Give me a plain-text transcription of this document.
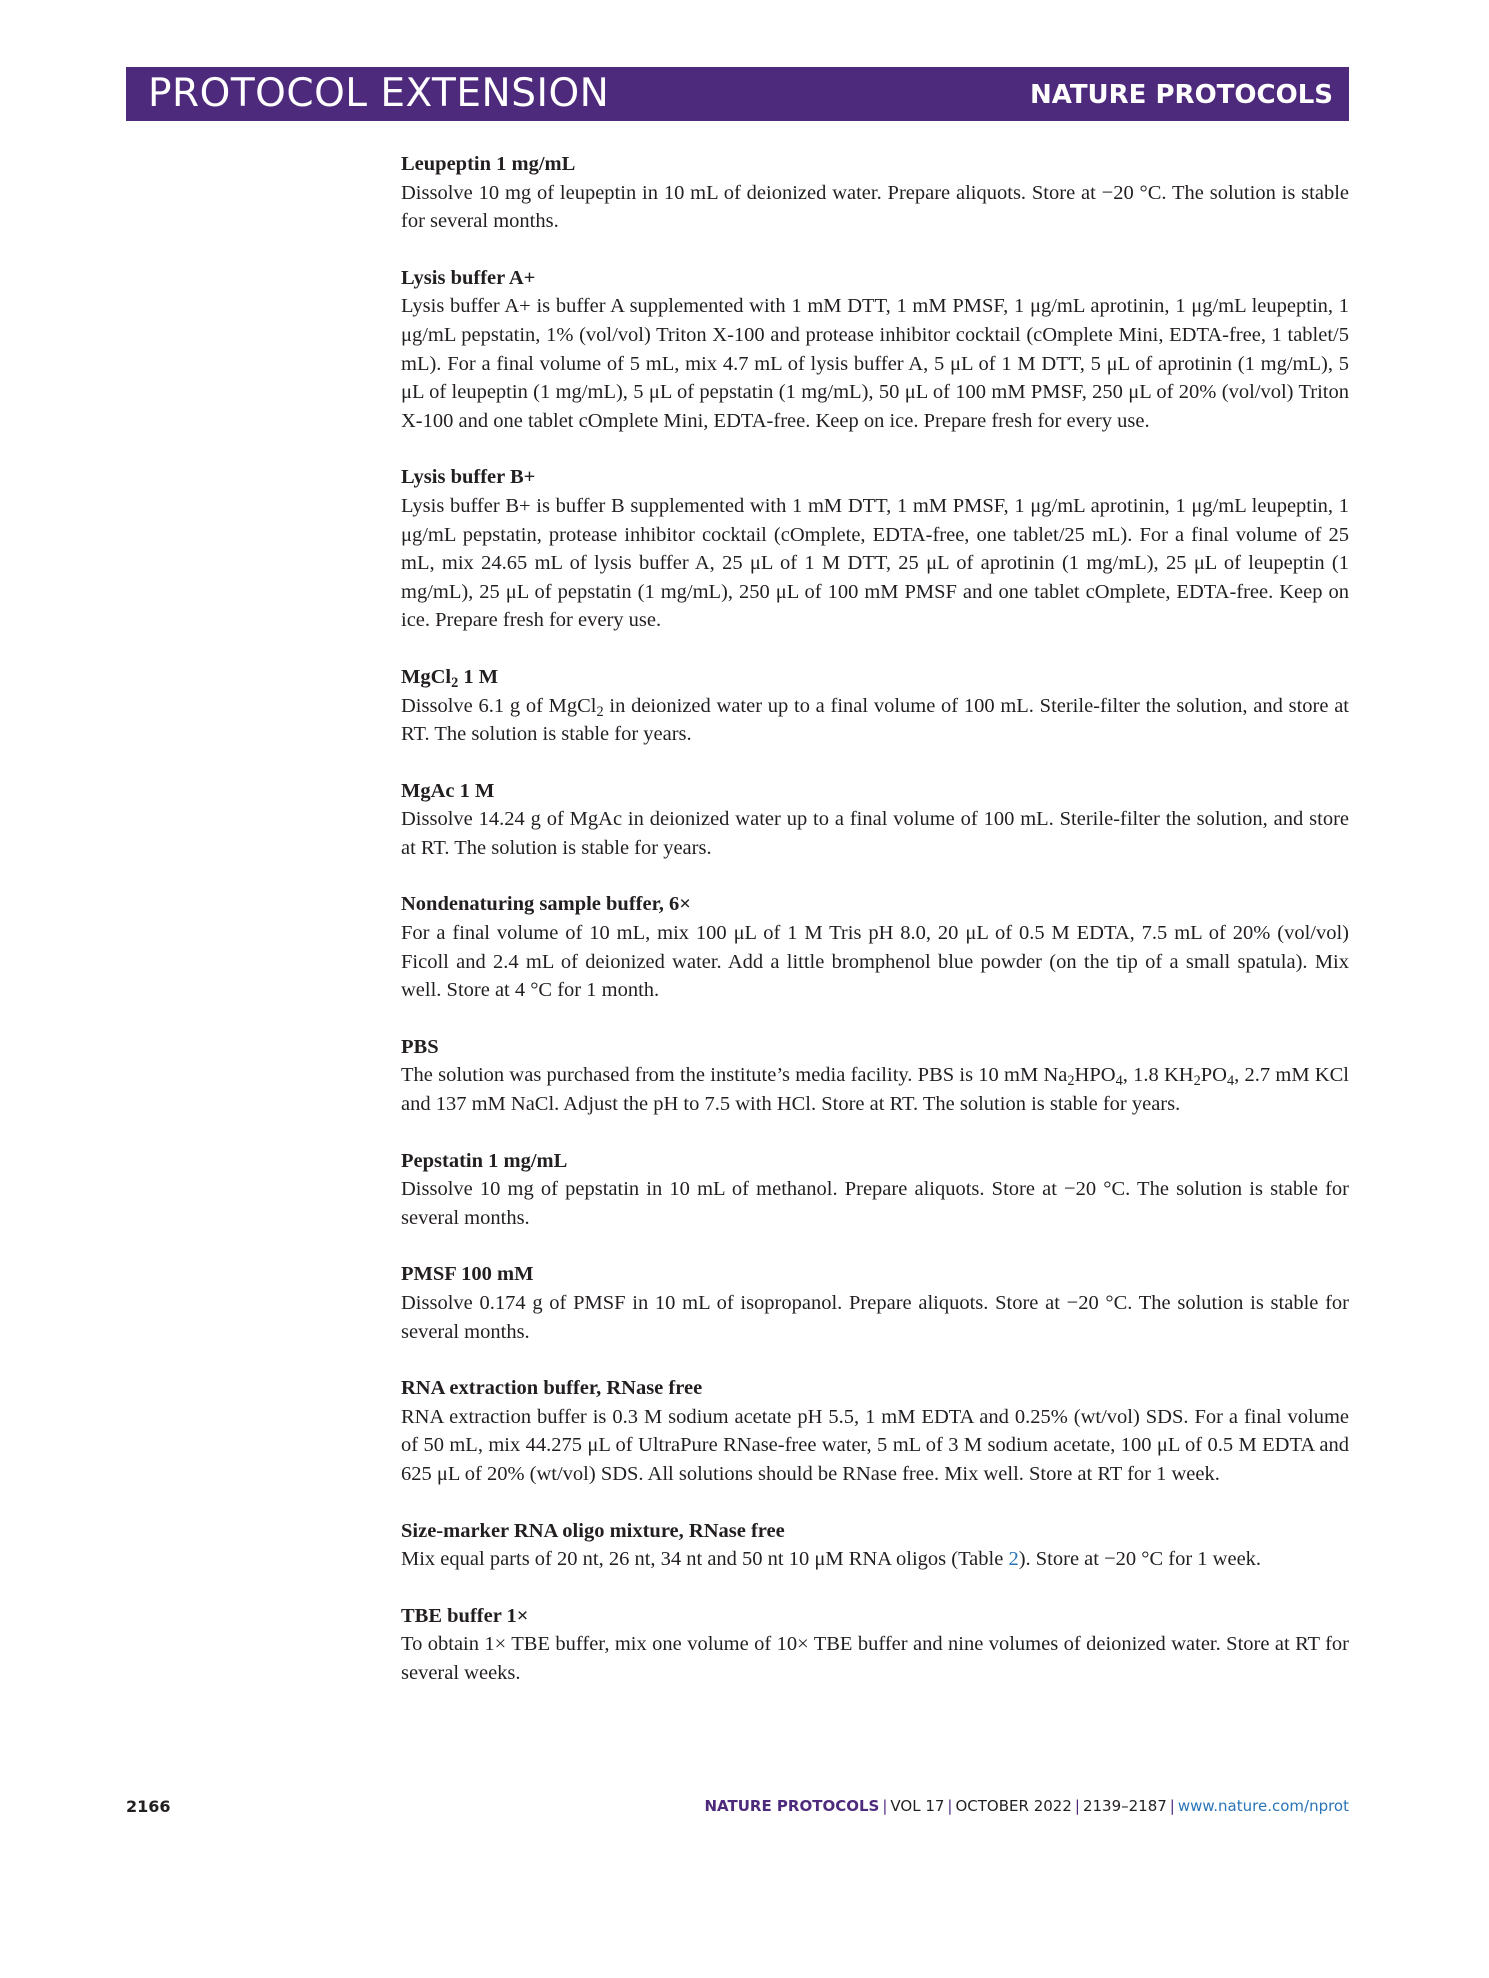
PROTOCOL EXTENSION	NATURE PROTOCOLS

Leupeptin 1 mg/mL

Dissolve 10 mg of leupeptin in 10 mL of deionized water. Prepare aliquots. Store at −20 °C. The solution is stable for several months.

Lysis buffer A+

Lysis buffer A+ is buffer A supplemented with 1 mM DTT, 1 mM PMSF, 1 μg/mL aprotinin, 1 μg/mL leupeptin, 1 μg/mL pepstatin, 1% (vol/vol) Triton X-100 and protease inhibitor cocktail (cOmplete Mini, EDTA-free, 1 tablet/5 mL). For a final volume of 5 mL, mix 4.7 mL of lysis buffer A, 5 μL of 1 M DTT, 5 μL of aprotinin (1 mg/mL), 5 μL of leupeptin (1 mg/mL), 5 μL of pepstatin (1 mg/mL), 50 μL of 100 mM PMSF, 250 μL of 20% (vol/vol) Triton X-100 and one tablet cOmplete Mini, EDTA-free. Keep on ice. Prepare fresh for every use.

Lysis buffer B+

Lysis buffer B+ is buffer B supplemented with 1 mM DTT, 1 mM PMSF, 1 μg/mL aprotinin, 1 μg/mL leupeptin, 1 μg/mL pepstatin, protease inhibitor cocktail (cOmplete, EDTA-free, one tablet/25 mL). For a final volume of 25 mL, mix 24.65 mL of lysis buffer A, 25 μL of 1 M DTT, 25 μL of aprotinin (1 mg/mL), 25 μL of leupeptin (1 mg/mL), 25 μL of pepstatin (1 mg/mL), 250 μL of 100 mM PMSF and one tablet cOmplete, EDTA-free. Keep on ice. Prepare fresh for every use.

MgCl$_2$ 1 M

Dissolve 6.1 g of MgCl$_2$ in deionized water up to a final volume of 100 mL. Sterile-filter the solution, and store at RT. The solution is stable for years.

MgAc 1 M

Dissolve 14.24 g of MgAc in deionized water up to a final volume of 100 mL. Sterile-filter the solution, and store at RT. The solution is stable for years.

Nondenaturing sample buffer, 6×

For a final volume of 10 mL, mix 100 μL of 1 M Tris pH 8.0, 20 μL of 0.5 M EDTA, 7.5 mL of 20% (vol/vol) Ficoll and 2.4 mL of deionized water. Add a little bromphenol blue powder (on the tip of a small spatula). Mix well. Store at 4 °C for 1 month.

PBS

The solution was purchased from the institute’s media facility. PBS is 10 mM $Na_2HPO_4$, 1.8 $KH_2PO_4$, 2.7 mM KCl and 137 mM NaCl. Adjust the pH to 7.5 with HCl. Store at RT. The solution is stable for years.

Pepstatin 1 mg/mL

Dissolve 10 mg of pepstatin in 10 mL of methanol. Prepare aliquots. Store at −20 °C. The solution is stable for several months.

PMSF 100 mM

Dissolve 0.174 g of PMSF in 10 mL of isopropanol. Prepare aliquots. Store at −20 °C. The solution is stable for several months.

RNA extraction buffer, RNase free

RNA extraction buffer is 0.3 M sodium acetate pH 5.5, 1 mM EDTA and 0.25% (wt/vol) SDS. For a final volume of 50 mL, mix 44.275 μL of UltraPure RNase-free water, 5 mL of 3 M sodium acetate, 100 μL of 0.5 M EDTA and 625 μL of 20% (wt/vol) SDS. All solutions should be RNase free. Mix well. Store at RT for 1 week.

Size-marker RNA oligo mixture, RNase free

Mix equal parts of 20 nt, 26 nt, 34 nt and 50 nt 10 μM RNA oligos (Table 2). Store at −20 °C for 1 week.

TBE buffer 1×

To obtain 1× TBE buffer, mix one volume of 10× TBE buffer and nine volumes of deionized water. Store at RT for several weeks.

2166	NATURE PROTOCOLS | VOL 17 | OCTOBER 2022 | 2139–2187 | www.nature.com/nprot
